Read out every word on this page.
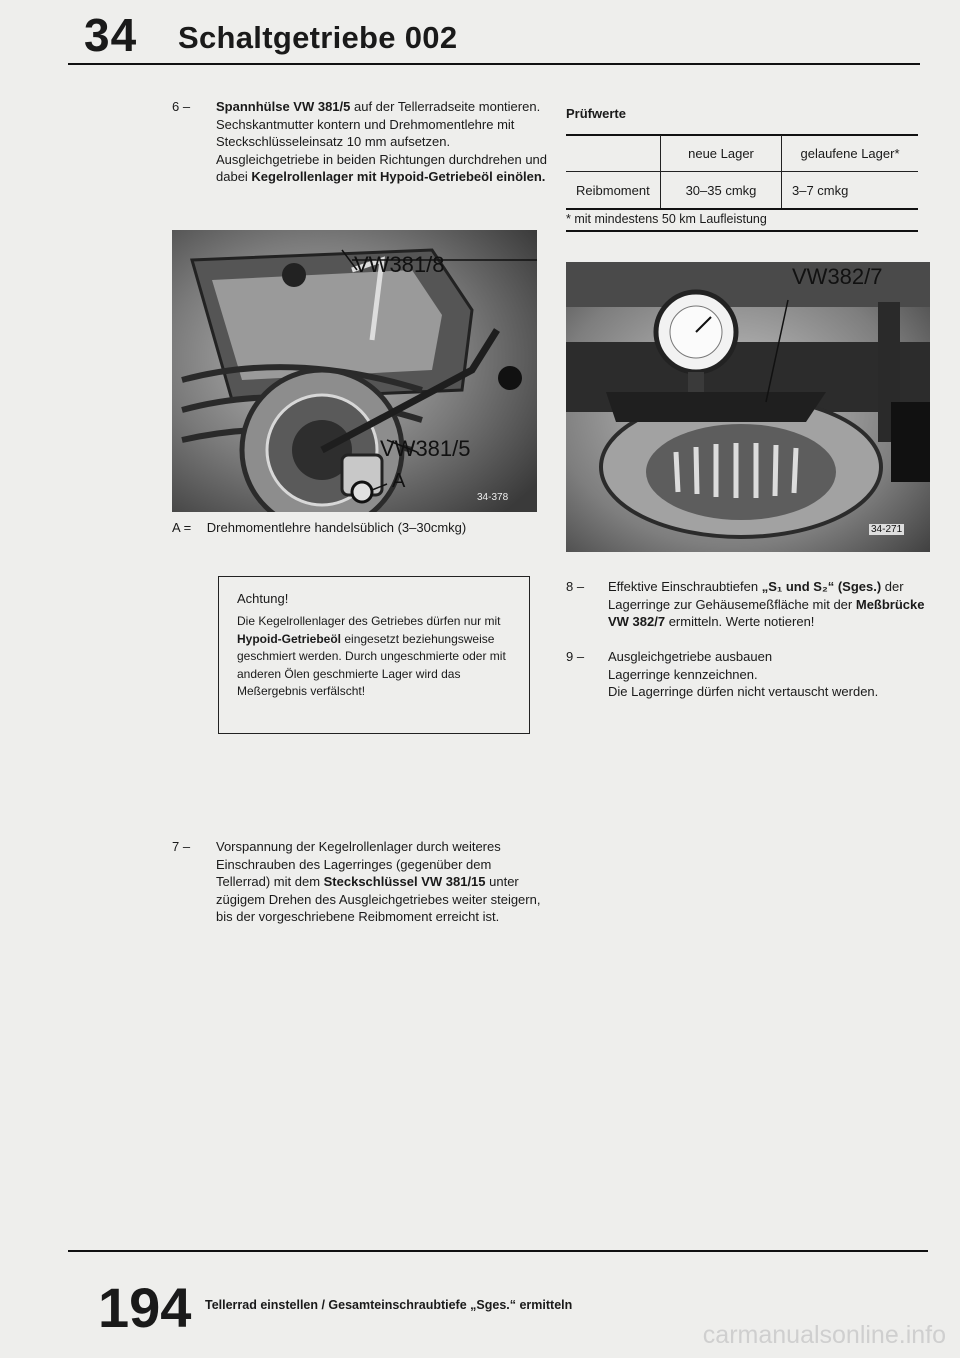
34 Schaltgetriebe 002
6 – Spannhülse VW 381/5 auf der Tellerradseite montieren. Sechskantmutter kontern und Drehmomentlehre mit Steckschlüsseleinsatz 10 mm aufsetzen. Ausgleichgetriebe in beiden Richtungen durchdrehen und dabei Kegelrollenlager mit Hypoid-Getriebeöl einölen.
VW381/8
VW381/5
A
34-378
A = Drehmomentlehre handelsüblich (3–30cmkg)
Achtung!
Die Kegelrollenlager des Getriebes dürfen nur mit Hypoid-Getriebeöl eingesetzt beziehungsweise geschmiert werden. Durch ungeschmierte oder mit anderen Ölen geschmierte Lager wird das Meßergebnis verfälscht!
7 – Vorspannung der Kegelrollenlager durch weiteres Einschrauben des Lagerringes (gegenüber dem Tellerrad) mit dem Steckschlüssel VW 381/15 unter zügigem Drehen des Ausgleichgetriebes weiter steigern, bis der vorgeschriebene Reibmoment erreicht ist.
Prüfwerte
	neue Lager	gelaufene Lager*
Reibmoment	30–35 cmkg	3–7 cmkg
* mit mindestens 50 km Laufleistung
VW382/7
34-271
8 – Effektive Einschraubtiefen „S₁ und S₂“ (Sges.) der Lagerringe zur Gehäusemeßfläche mit der Meßbrücke VW 382/7 ermitteln. Werte notieren!
9 – Ausgleichgetriebe ausbauen
Lagerringe kennzeichnen.
Die Lagerringe dürfen nicht vertauscht werden.
194 Tellerrad einstellen / Gesamteinschraubtiefe „Sges.“ ermitteln
carmanualsonline.info
